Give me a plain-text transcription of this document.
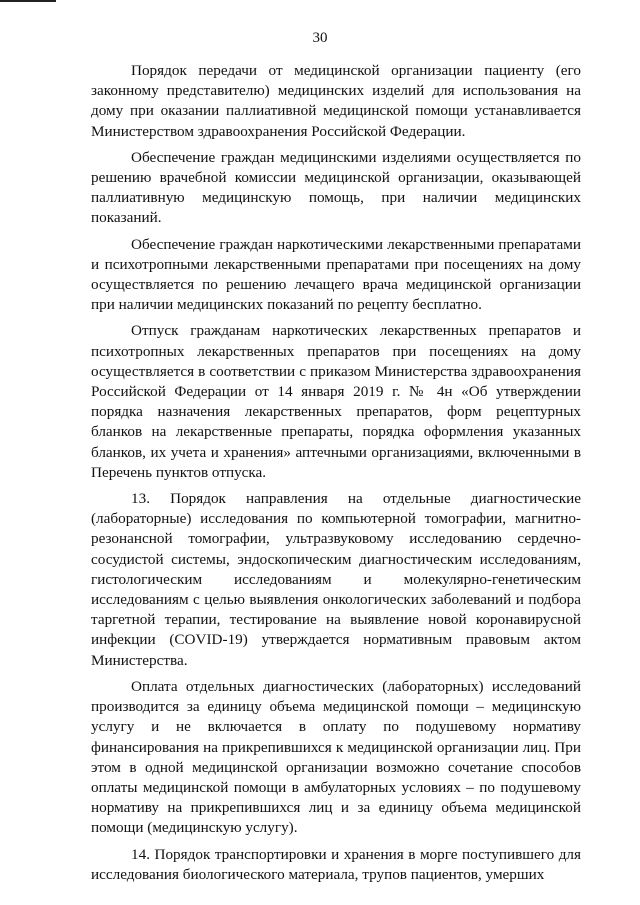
30

Порядок передачи от медицинской организации пациенту (его законному представителю) медицинских изделий для использования на дому при оказании паллиативной медицинской помощи устанавливается Министерством здравоохранения Российской Федерации.

Обеспечение граждан медицинскими изделиями осуществляется по решению врачебной комиссии медицинской организации, оказывающей паллиативную медицинскую помощь, при наличии медицинских показаний.

Обеспечение граждан наркотическими лекарственными препаратами и психотропными лекарственными препаратами при посещениях на дому осуществляется по решению лечащего врача медицинской организации при наличии медицинских показаний по рецепту бесплатно.

Отпуск гражданам наркотических лекарственных препаратов и психотропных лекарственных препаратов при посещениях на дому осуществляется в соответствии с приказом Министерства здравоохранения Российской Федерации от 14 января 2019 г. № 4н «Об утверждении порядка назначения лекарственных препаратов, форм рецептурных бланков на лекарственные препараты, порядка оформления указанных бланков, их учета и хранения» аптечными организациями, включенными в Перечень пунктов отпуска.

13. Порядок направления на отдельные диагностические (лабораторные) исследования по компьютерной томографии, магнитно-резонансной томографии, ультразвуковому исследованию сердечно-сосудистой системы, эндоскопическим диагностическим исследованиям, гистологическим исследованиям и молекулярно-генетическим исследованиям с целью выявления онкологических заболеваний и подбора таргетной терапии, тестирование на выявление новой коронавирусной инфекции (COVID-19) утверждается нормативным правовым актом Министерства.

Оплата отдельных диагностических (лабораторных) исследований производится за единицу объема медицинской помощи – медицинскую услугу и не включается в оплату по подушевому нормативу финансирования на прикрепившихся к медицинской организации лиц. При этом в одной медицинской организации возможно сочетание способов оплаты медицинской помощи в амбулаторных условиях – по подушевому нормативу на прикрепившихся лиц и за единицу объема медицинской помощи (медицинскую услугу).

14. Порядок транспортировки и хранения в морге поступившего для исследования биологического материала, трупов пациентов, умерших
